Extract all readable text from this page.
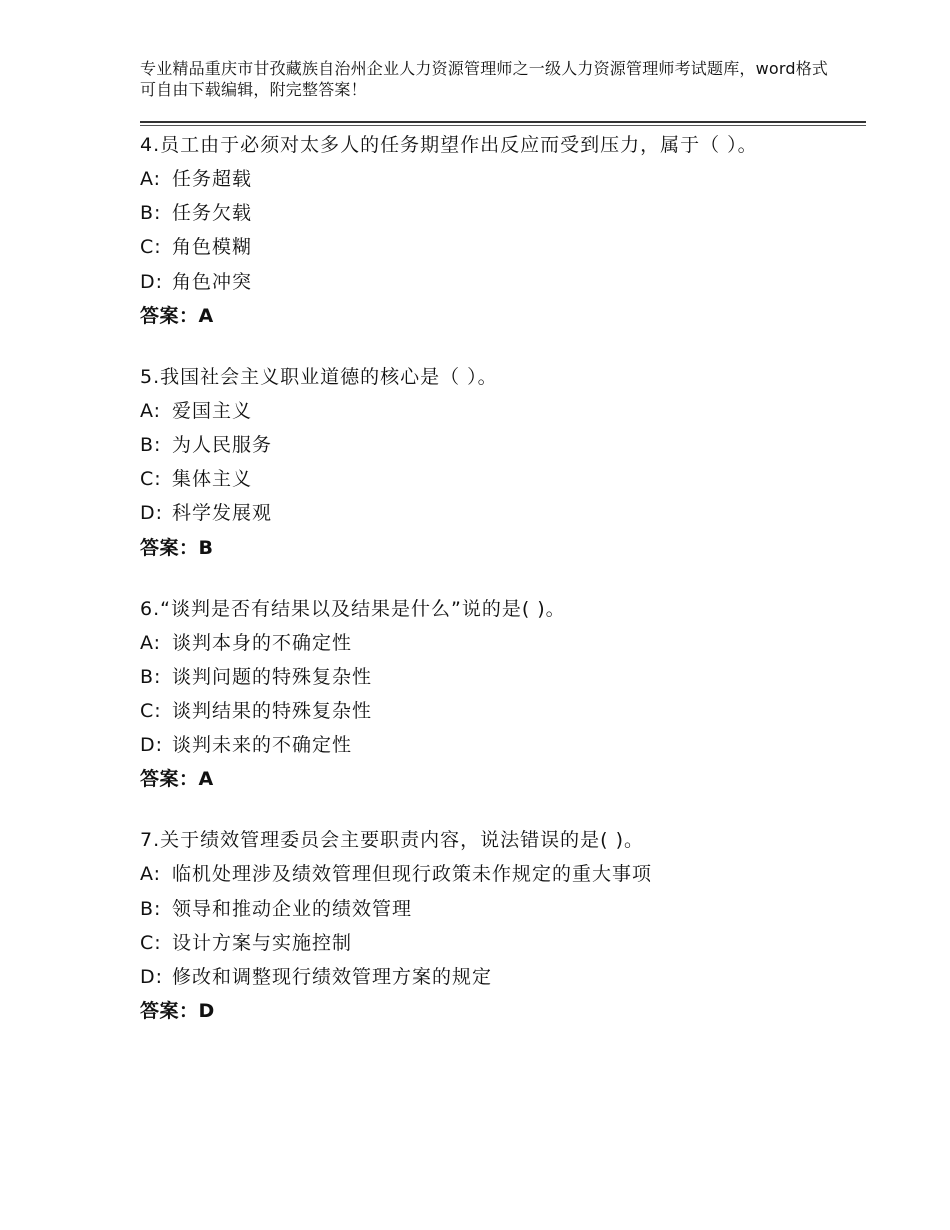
专业精品重庆市甘孜藏族自治州企业人力资源管理师之一级人力资源管理师考试题库，word格式可自由下载编辑，附完整答案！
4.员工由于必须对太多人的任务期望作出反应而受到压力，属于（ ）。
A: 任务超载
B: 任务欠载
C: 角色模糊
D: 角色冲突
答案：A
5.我国社会主义职业道德的核心是（ ）。
A: 爱国主义
B: 为人民服务
C: 集体主义
D: 科学发展观
答案：B
6.“谈判是否有结果以及结果是什么”说的是( )。
A: 谈判本身的不确定性
B: 谈判问题的特殊复杂性
C: 谈判结果的特殊复杂性
D: 谈判未来的不确定性
答案：A
7.关于绩效管理委员会主要职责内容，说法错误的是( )。
A: 临机处理涉及绩效管理但现行政策未作规定的重大事项
B: 领导和推动企业的绩效管理
C: 设计方案与实施控制
D: 修改和调整现行绩效管理方案的规定
答案：D
